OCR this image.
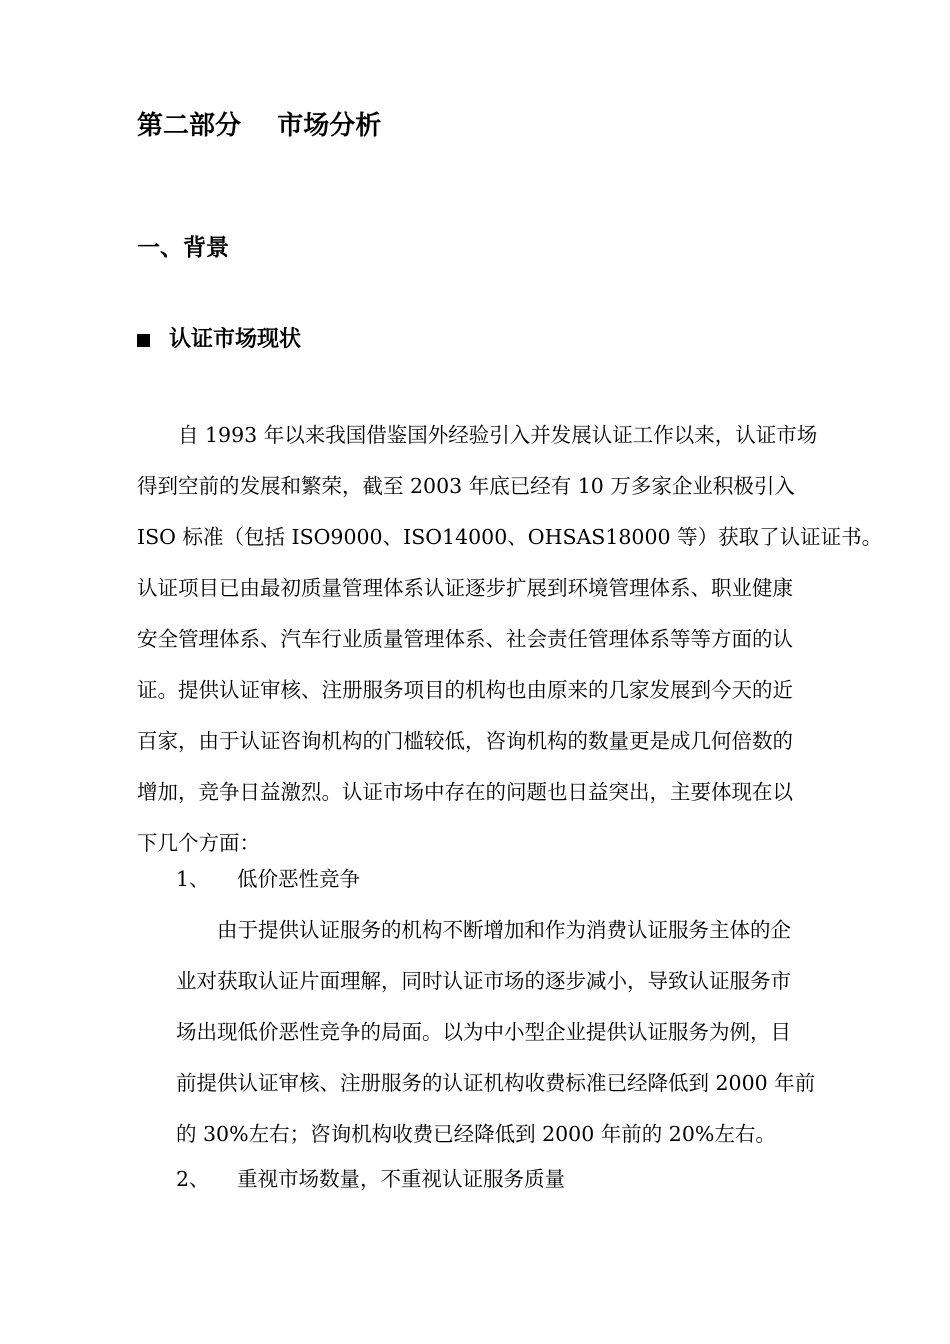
第二部分    市场分析
一、背景
认证市场现状
　　自 1993 年以来我国借鉴国外经验引入并发展认证工作以来，认证市场
得到空前的发展和繁荣，截至 2003 年底已经有 10 万多家企业积极引入
ISO 标准（包括 ISO9000、ISO14000、OHSAS18000 等）获取了认证证书。
认证项目已由最初质量管理体系认证逐步扩展到环境管理体系、职业健康
安全管理体系、汽车行业质量管理体系、社会责任管理体系等等方面的认
证。提供认证审核、注册服务项目的机构也由原来的几家发展到今天的近
百家，由于认证咨询机构的门槛较低，咨询机构的数量更是成几何倍数的
增加，竞争日益激烈。认证市场中存在的问题也日益突出，主要体现在以
下几个方面：
1、 低价恶性竞争
　　由于提供认证服务的机构不断增加和作为消费认证服务主体的企
业对获取认证片面理解，同时认证市场的逐步减小，导致认证服务市
场出现低价恶性竞争的局面。以为中小型企业提供认证服务为例，目
前提供认证审核、注册服务的认证机构收费标准已经降低到 2000 年前
的 30%左右；咨询机构收费已经降低到 2000 年前的 20%左右。
2、 重视市场数量，不重视认证服务质量
